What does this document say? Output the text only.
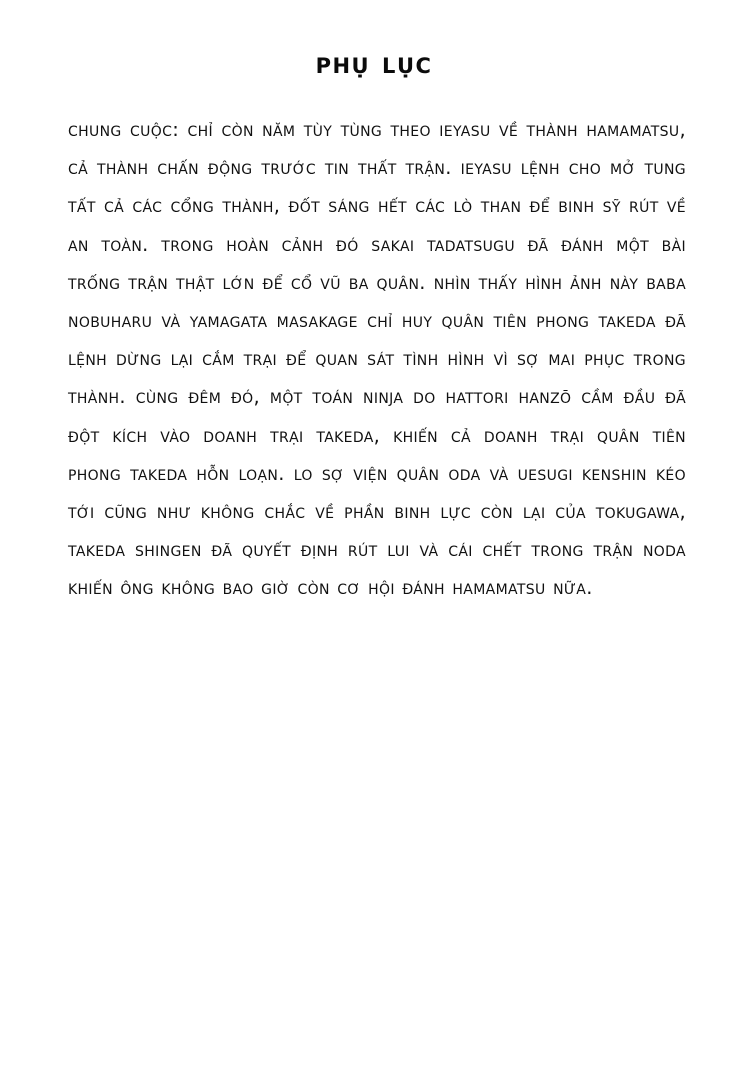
phụ lục

chung cuộc: chỉ còn năm tùy tùng theo ieyasu về thành hamamatsu, cả thành chấn động trước tin thất trận. ieyasu lệnh cho mở tung tất cả các cổng thành, đốt sáng hết các lò than để binh sỹ rút về an toàn. trong hoàn cảnh đó sakai tadatsugu đã đánh một bài trống trận thật lớn để cổ vũ ba quân. nhìn thấy hình ảnh này baba nobuharu và yamagata masakage chỉ huy quân tiên phong takeda đã lệnh dừng lại cắm trại để quan sát tình hình vì sợ mai phục trong thành. cùng đêm đó, một toán ninja do hattori hanzō cầm đầu đã đột kích vào doanh trại takeda, khiến cả doanh trại quân tiên phong takeda hỗn loạn. lo sợ viện quân oda và uesugi kenshin kéo tới cũng như không chắc về phần binh lực còn lại của tokugawa, takeda shingen đã quyết định rút lui và cái chết trong trận noda khiến ông không bao giờ còn cơ hội đánh hamamatsu nữa.
